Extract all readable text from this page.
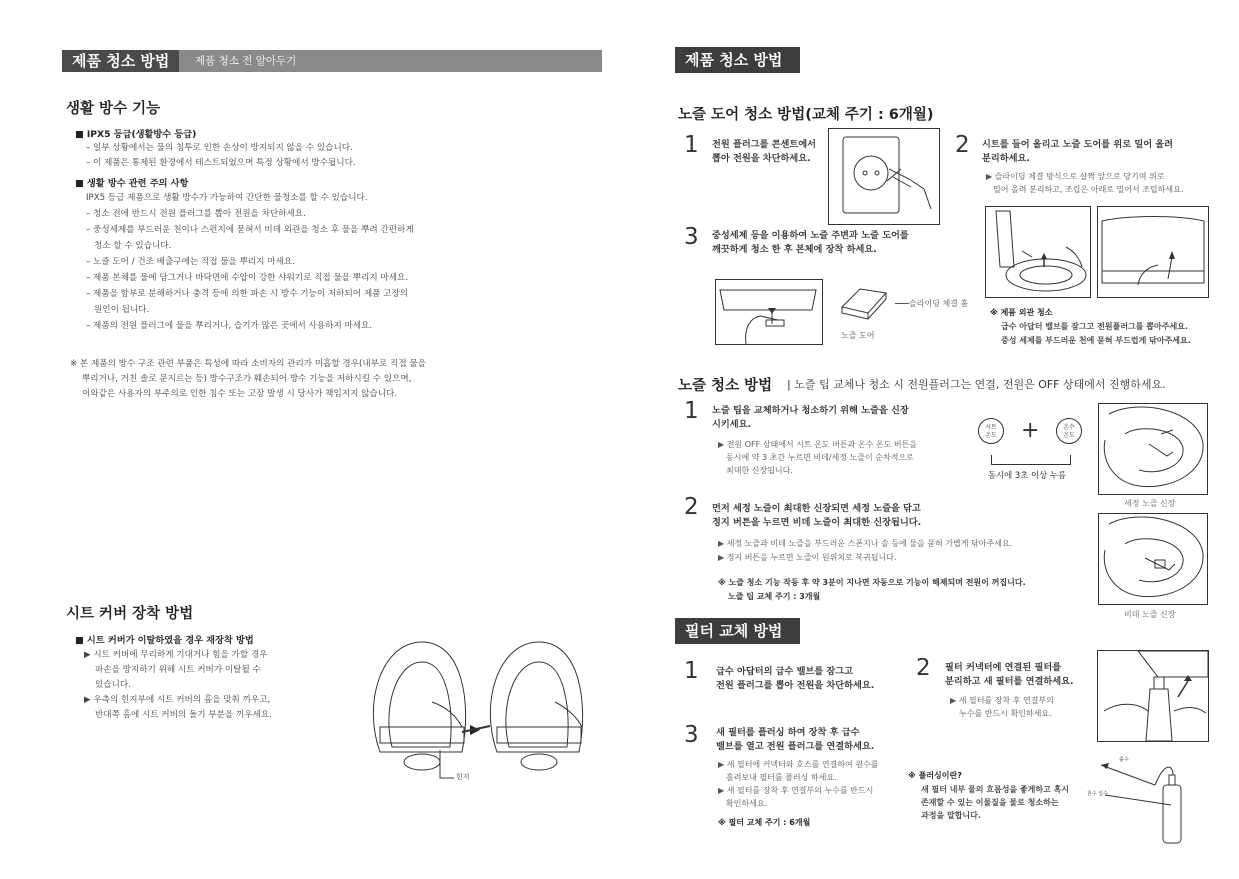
제품 청소 방법	제품 청소 전 알아두기
생활 방수 기능
■ IPX5 등급(생활방수 등급)
– 일부 상황에서는 물의 침투로 인한 손상이 방지되지 않을 수 있습니다.
– 이 제품은 통제된 환경에서 테스트되었으며 특정 상황에서 방수됩니다.
■ 생활 방수 관련 주의 사항
IPX5 등급 제품으로 생활 방수가 가능하여 간단한 물청소를 할 수 있습니다.
– 청소 전에 반드시 전원 플러그를 뽑아 전원을 차단하세요.
– 중성세제를 부드러운 천이나 스펀지에 묻혀서 비데 외관을 청소 후 물을 뿌려 간편하게
청소 할 수 있습니다.
– 노즐 도어 / 건조 배출구에는 직접 물을 뿌리지 마세요.
– 제품 본체를 물에 담그거나 바닥면에 수압이 강한 샤워기로 직접 물을 뿌리지 마세요.
– 제품을 함부로 분해하거나 충격 등에 의한 파손 시 방수 기능이 저하되어 제품 고장의
원인이 됩니다.
– 제품의 전원 플러그에 물을 뿌리거나, 습기가 많은 곳에서 사용하지 마세요.
※ 본 제품의 방수 구조 관련 부품은 특성에 따라 소비자의 관리가 미흡할 경우(내부로 직접 물을
뿌리거나, 거친 솔로 문지르는 등) 방수구조가 훼손되어 방수 기능을 저하시킬 수 있으며,
이와같은 사용자의 부주의로 인한 침수 또는 고장 발생 시 당사가 책임지지 않습니다.
시트 커버 장착 방법
■ 시트 커버가 이탈하였을 경우 재장착 방법
▶ 시트 커버에 무리하게 기대거나 힘을 가할 경우
파손을 방지하기 위해 시트 커버가 이탈될 수
있습니다.
▶ 우측의 힌지부에 시트 커버의 홈을 맞춰 끼우고,
반대쪽 홈에 시트 커버의 돌기 부분을 끼우세요.
힌지
제품 청소 방법
노즐 도어 청소 방법(교체 주기 : 6개월)
1 전원 플러그를 콘센트에서
뽑아 전원을 차단하세요.
2 시트를 들어 올리고 노즐 도어를 위로 밀어 올려
분리하세요.
▶ 슬라이딩 체결 방식으로 살짝 앞으로 당기며 위로
밀어 올려 분리하고, 조립은 아래로 밀어서 조립하세요.
3 중성세제 등을 이용하여 노즐 주변과 노즐 도어를
깨끗하게 청소 한 후 본체에 장착 하세요.
슬라이딩 체결 홈
노즐 도어
※ 제품 외관 청소
급수 아답터 밸브를 잠그고 전원플러그를 뽑아주세요.
중성 세제를 부드러운 천에 묻혀 부드럽게 닦아주세요.
노즐 청소 방법 | 노즐 팁 교체나 청소 시 전원플러그는 연결, 전원은 OFF 상태에서 진행하세요.
1 노즐 팁을 교체하거나 청소하기 위해 노즐을 신장
시키세요.
▶ 전원 OFF 상태에서 시트 온도 버튼과 온수 온도 버튼을
동시에 약 3 초간 누르면 비데/세정 노즐이 순차적으로
최대한 신장됩니다.
시트
온도	+	온수
온도
동시에 3초 이상 누름
세정 노즐 신장
2 먼저 세정 노즐이 최대한 신장되면 세정 노즐을 닦고
정지 버튼을 누르면 비데 노즐이 최대한 신장됩니다.
▶ 세정 노즐과 비데 노즐을 부드러운 스폰지나 솔 등에 물을 묻혀 가볍게 닦아주세요.
▶ 정지 버튼을 누르면 노즐이 원위치로 복귀됩니다.
※ 노즐 청소 기능 작동 후 약 3분이 지나면 자동으로 기능이 해제되며 전원이 꺼집니다.
노즐 팁 교체 주기 : 3개월
비데 노즐 신장
필터 교체 방법
1 급수 아답터의 급수 밸브를 잠그고
전원 플러그를 뽑아 전원을 차단하세요.
2 필터 커넥터에 연결된 필터를
분리하고 새 필터를 연결하세요.
▶ 새 필터를 장착 후 연결부의
누수를 반드시 확인하세요.
3 새 필터를 플러싱 하여 장착 후 급수
밸브를 열고 전원 플러그를 연결하세요.
▶ 새 필터에 커넥터와 호스를 연결하여 원수를
흘려보내 필터를 플러싱 하세요.
▶ 새 필터를 장착 후 연결부의 누수를 반드시
확인하세요.
※ 필터 교체 주기 : 6개월
※ 플러싱이란?
새 필터 내부 물의 흐름성을 좋게하고 혹시
존재할 수 있는 이물질을 물로 청소하는
과정을 말합니다.
출수
원수 입수
